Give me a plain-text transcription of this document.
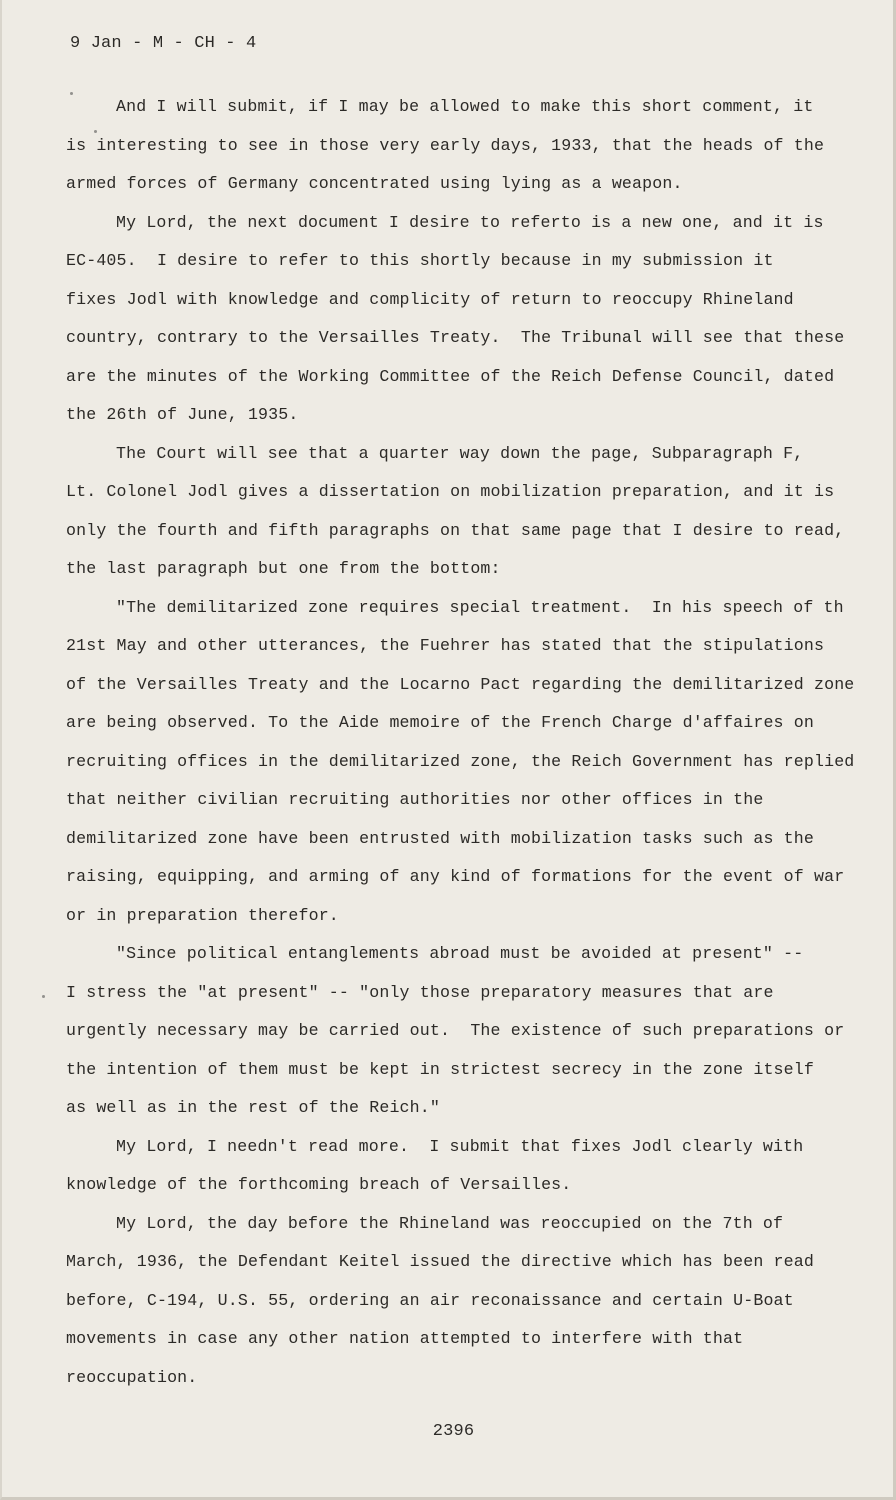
9 Jan - M - CH - 4
And I will submit, if I may be allowed to make this short comment, it
is interesting to see in those very early days, 1933, that the heads of the
armed forces of Germany concentrated using lying as a weapon.
My Lord, the next document I desire to referto is a new one, and it is
EC-405.  I desire to refer to this shortly because in my submission it
fixes Jodl with knowledge and complicity of return to reoccupy Rhineland
country, contrary to the Versailles Treaty.  The Tribunal will see that these
are the minutes of the Working Committee of the Reich Defense Council, dated
the 26th of June, 1935.
The Court will see that a quarter way down the page, Subparagraph F,
Lt. Colonel Jodl gives a dissertation on mobilization preparation, and it is
only the fourth and fifth paragraphs on that same page that I desire to read,
the last paragraph but one from the bottom:
"The demilitarized zone requires special treatment.  In his speech of th
21st May and other utterances, the Fuehrer has stated that the stipulations
of the Versailles Treaty and the Locarno Pact regarding the demilitarized zone
are being observed. To the Aide memoire of the French Charge d'affaires on
recruiting offices in the demilitarized zone, the Reich Government has replied
that neither civilian recruiting authorities nor other offices in the
demilitarized zone have been entrusted with mobilization tasks such as the
raising, equipping, and arming of any kind of formations for the event of war
or in preparation therefor.
"Since political entanglements abroad must be avoided at present" --
I stress the "at present" -- "only those preparatory measures that are
urgently necessary may be carried out.  The existence of such preparations or
the intention of them must be kept in strictest secrecy in the zone itself
as well as in the rest of the Reich."
My Lord, I needn't read more.  I submit that fixes Jodl clearly with
knowledge of the forthcoming breach of Versailles.
My Lord, the day before the Rhineland was reoccupied on the 7th of
March, 1936, the Defendant Keitel issued the directive which has been read
before, C-194, U.S. 55, ordering an air reconaissance and certain U-Boat
movements in case any other nation attempted to interfere with that
reoccupation.
2396
